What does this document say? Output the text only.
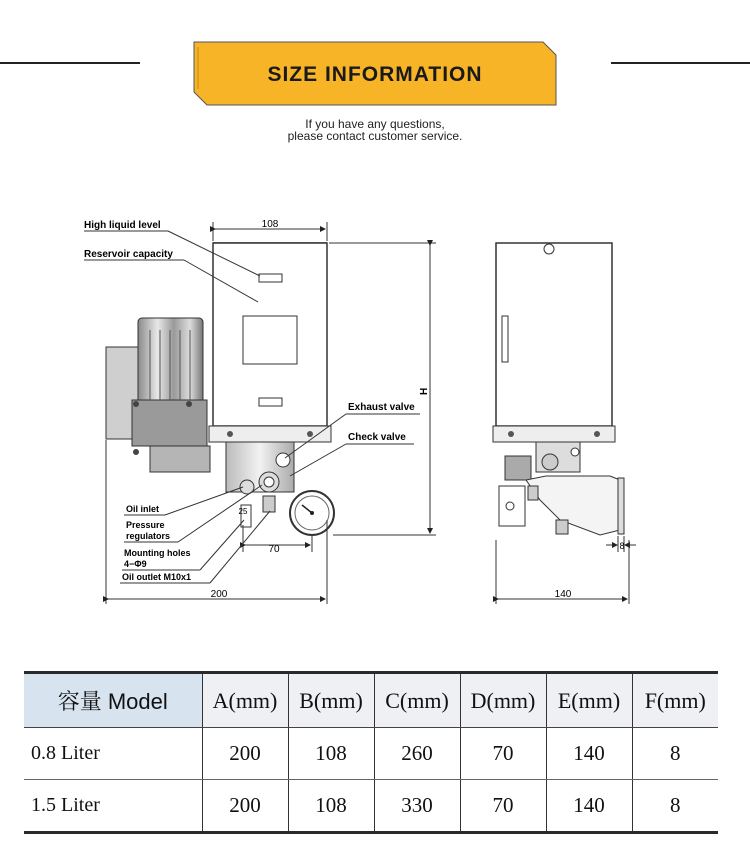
SIZE INFORMATION
If you have any questions,
please contact customer service.
108
H
70
25
200
High liquid level
Reservoir capacity
Exhaust valve
Check valve
Oil inlet
Pressure
regulators
Mounting holes
4−Φ9
Oil outlet M10x1
8
140
容量 Model	A(mm)	B(mm)	C(mm)	D(mm)	E(mm)	F(mm)
0.8 Liter	200	108	260	70	140	8
1.5 Liter	200	108	330	70	140	8
